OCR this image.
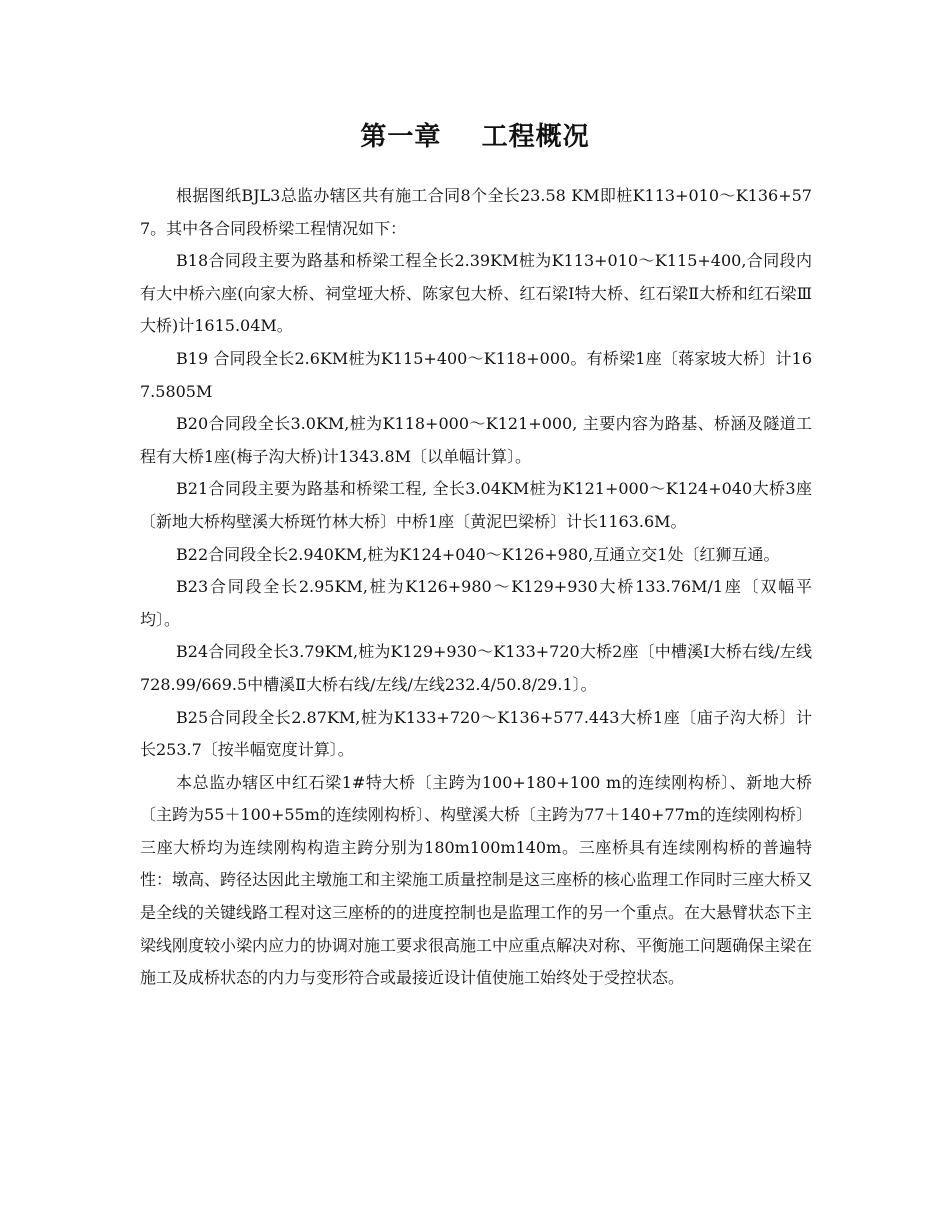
第一章    工程概况

根据图纸BJL3总监办辖区共有施工合同8个全长23.58 KM即桩K113+010～K136+577。其中各合同段桥梁工程情况如下：

B18合同段主要为路基和桥梁工程全长2.39KM桩为K113+010～K115+400,合同段内有大中桥六座(向家大桥、祠堂垭大桥、陈家包大桥、红石梁Ⅰ特大桥、红石梁Ⅱ大桥和红石梁Ⅲ大桥)计1615.04M。

B19 合同段全长2.6KM桩为K115+400～K118+000。有桥梁1座〔蒋家坡大桥〕计167.5805M

B20合同段全长3.0KM,桩为K118+000～K121+000, 主要内容为路基、桥涵及隧道工程有大桥1座(梅子沟大桥)计1343.8M〔以单幅计算〕。

B21合同段主要为路基和桥梁工程, 全长3.04KM桩为K121+000～K124+040大桥3座〔新地大桥构壁溪大桥斑竹林大桥〕中桥1座〔黄泥巴梁桥〕计长1163.6M。

B22合同段全长2.940KM,桩为K124+040～K126+980,互通立交1处〔红狮互通。

B23合同段全长2.95KM,桩为K126+980～K129+930大桥133.76M/1座〔双幅平均〕。

B24合同段全长3.79KM,桩为K129+930～K133+720大桥2座〔中槽溪Ⅰ大桥右线/左线728.99/669.5中槽溪Ⅱ大桥右线/左线/左线232.4/50.8/29.1〕。

B25合同段全长2.87KM,桩为K133+720～K136+577.443大桥1座〔庙子沟大桥〕计长253.7〔按半幅宽度计算〕。

本总监办辖区中红石梁1#特大桥〔主跨为100+180+100 m的连续刚构桥〕、新地大桥〔主跨为55＋100+55m的连续刚构桥〕、构壁溪大桥〔主跨为77＋140+77m的连续刚构桥〕三座大桥均为连续刚构构造主跨分别为180m100m140m。三座桥具有连续刚构桥的普遍特性：墩高、跨径达因此主墩施工和主梁施工质量控制是这三座桥的核心监理工作同时三座大桥又是全线的关键线路工程对这三座桥的的进度控制也是监理工作的另一个重点。在大悬臂状态下主梁线刚度较小梁内应力的协调对施工要求很高施工中应重点解决对称、平衡施工问题确保主梁在施工及成桥状态的内力与变形符合或最接近设计值使施工始终处于受控状态。
